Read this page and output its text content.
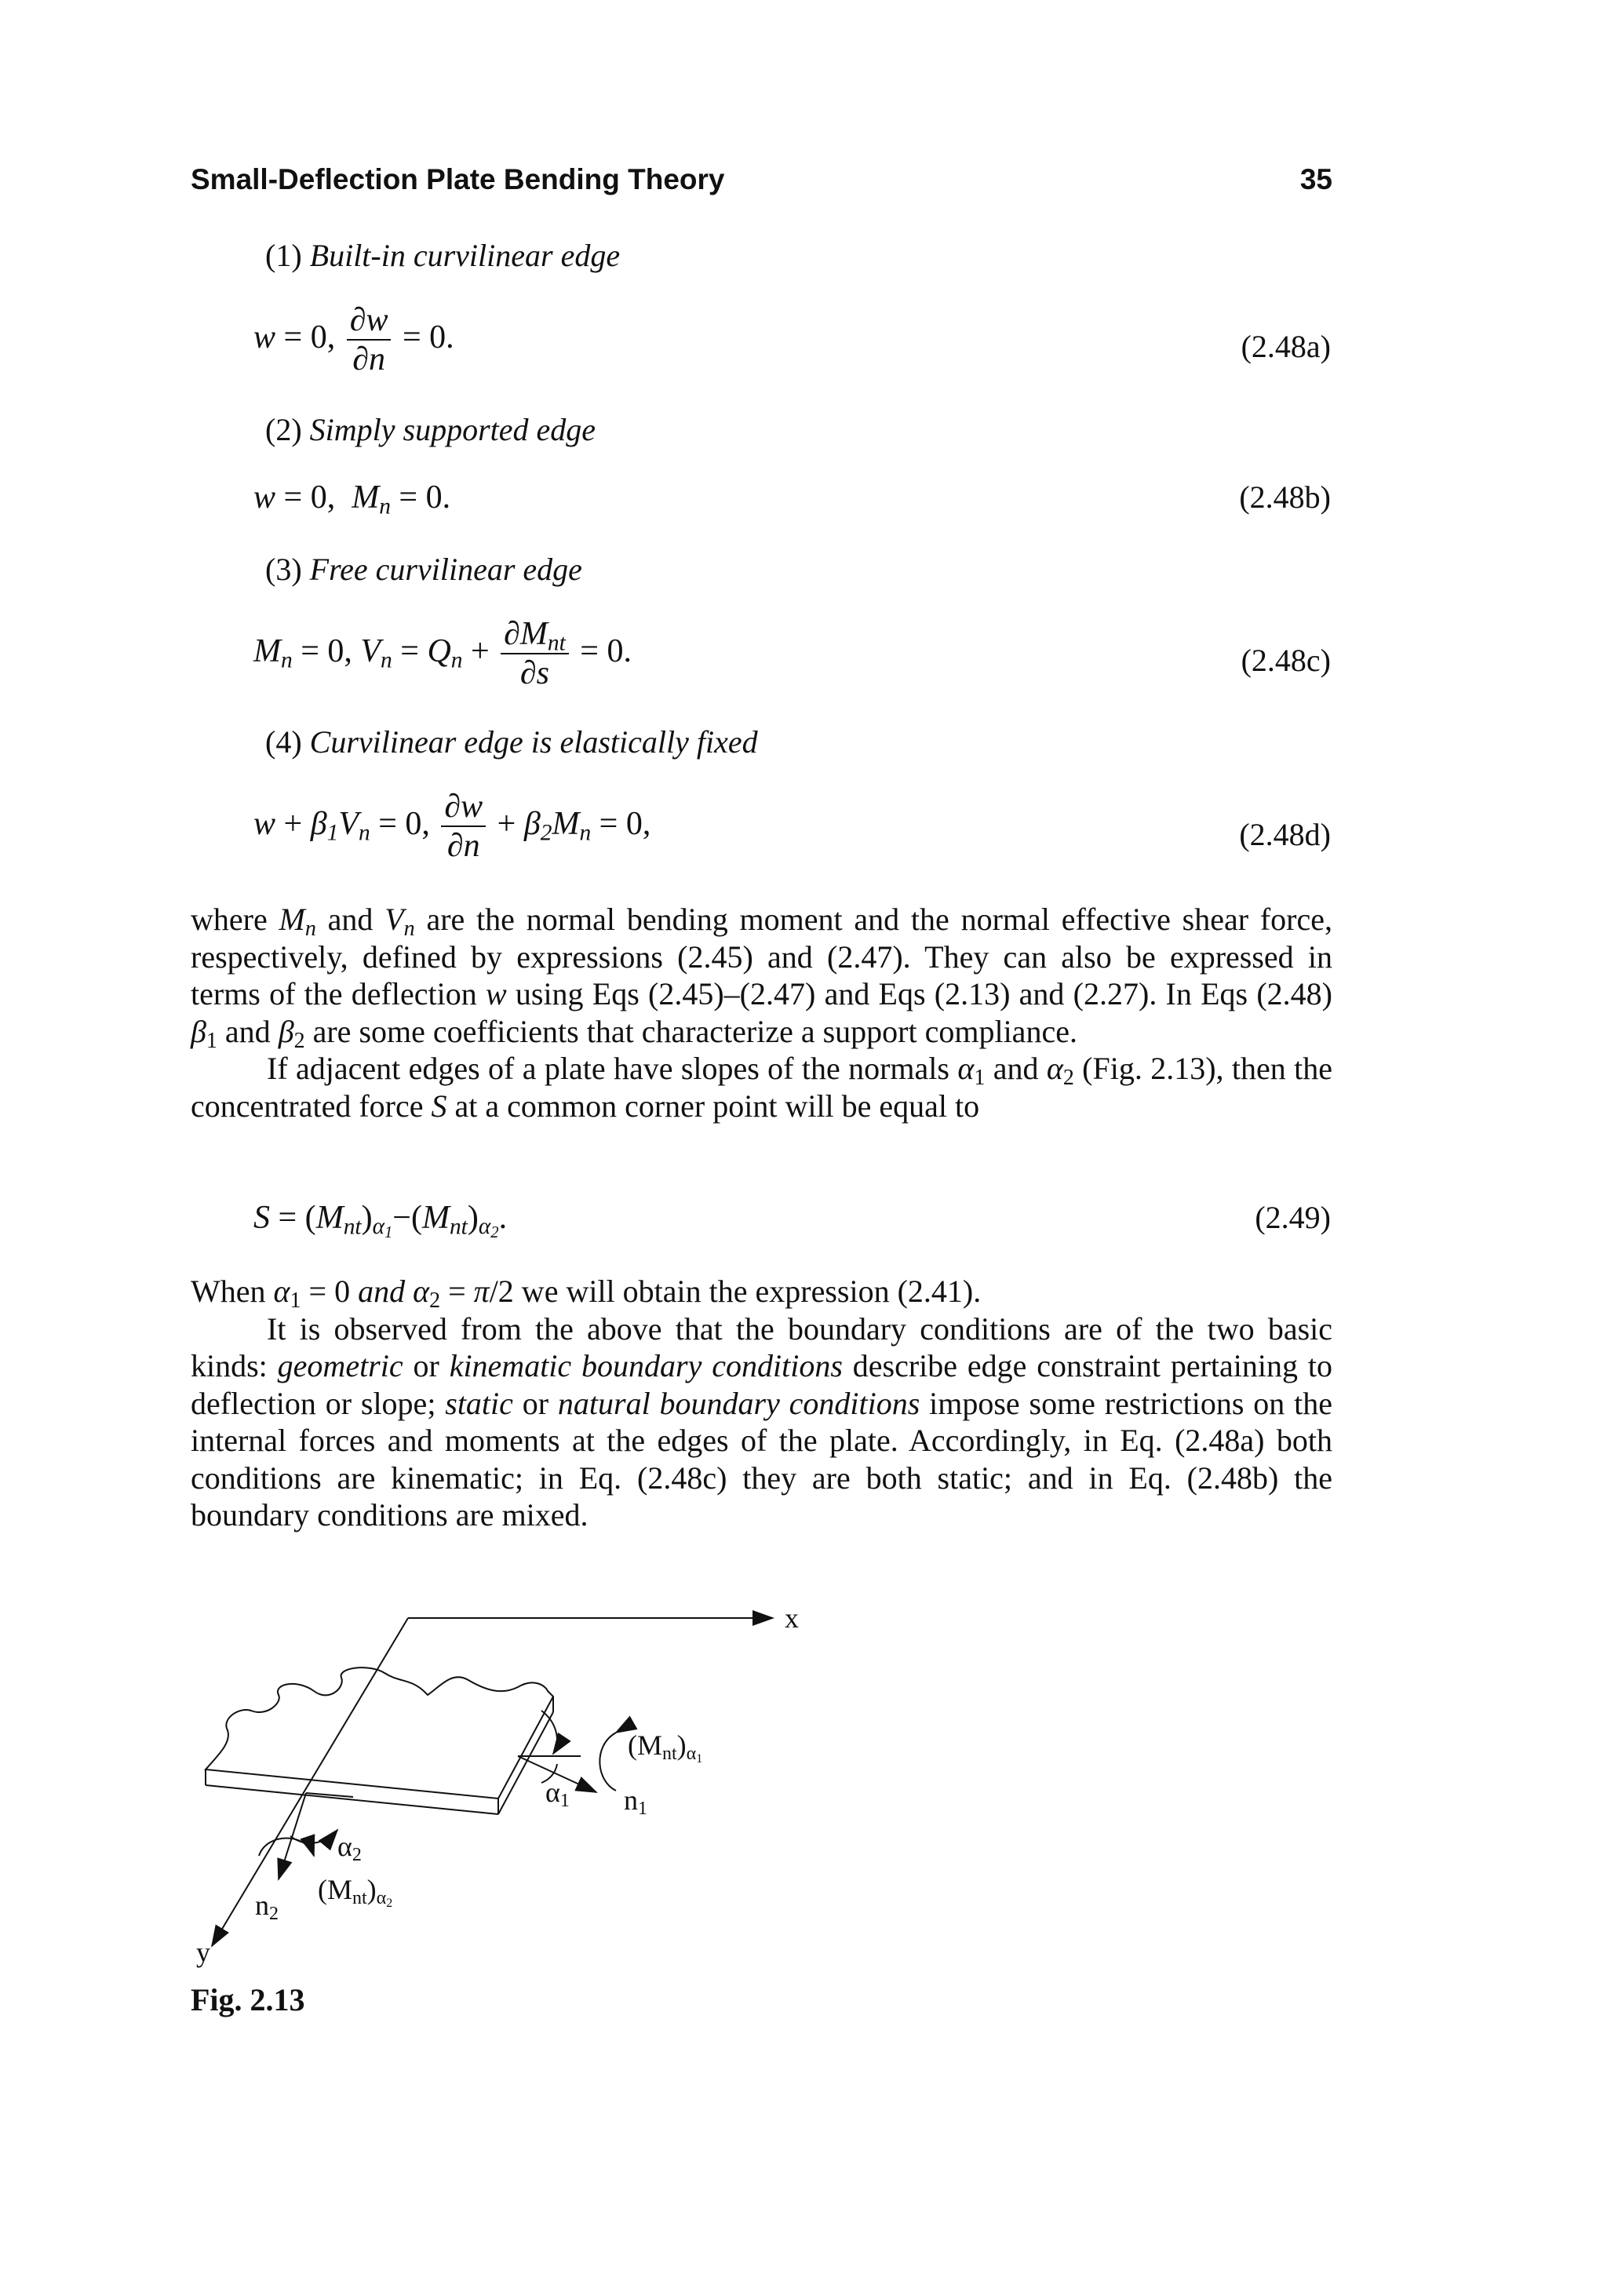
Small-Deflection Plate Bending Theory	35
(1) Built-in curvilinear edge
w = 0, $\frac{\partial w}{\partial n} = 0$.	(2.48a)
(2) Simply supported edge
w = 0,  $M_n = 0$.	(2.48b)
(3) Free curvilinear edge
$M_n = 0$, $V_n = Q_n + \frac{\partial M_{nt}}{\partial s} = 0$.	(2.48c)
(4) Curvilinear edge is elastically fixed
$w + \beta_1V_n = 0$, $\frac{\partial w}{\partial n} + \beta_2M_n = 0$,	(2.48d)

where $M_n$ and $V_n$ are the normal bending moment and the normal effective shear force, respectively, defined by expressions (2.45) and (2.47). They can also be expressed in terms of the deflection w using Eqs (2.45)–(2.47) and Eqs (2.13) and (2.27). In Eqs (2.48) $\beta_1$ and $\beta_2$ are some coefficients that characterize a support compliance.

If adjacent edges of a plate have slopes of the normals $\alpha_1$ and $\alpha_2$ (Fig. 2.13), then the concentrated force S at a common corner point will be equal to

$S = (M_{nt})_{\alpha_1}-(M_{nt})_{\alpha_2}$.	(2.49)

When $\alpha_1 = 0$ and $\alpha_2 = \pi/2$ we will obtain the expression (2.41).

It is observed from the above that the boundary conditions are of the two basic kinds: geometric or kinematic boundary conditions describe edge constraint pertaining to deflection or slope; static or natural boundary conditions impose some restrictions on the internal forces and moments at the edges of the plate. Accordingly, in Eq. (2.48a) both conditions are kinematic; in Eq. (2.48c) they are both static; and in Eq. (2.48b) the boundary conditions are mixed.

x
y
(Mnt)α1
n1
α1
α2
n2
(Mnt)α2
Fig. 2.13
